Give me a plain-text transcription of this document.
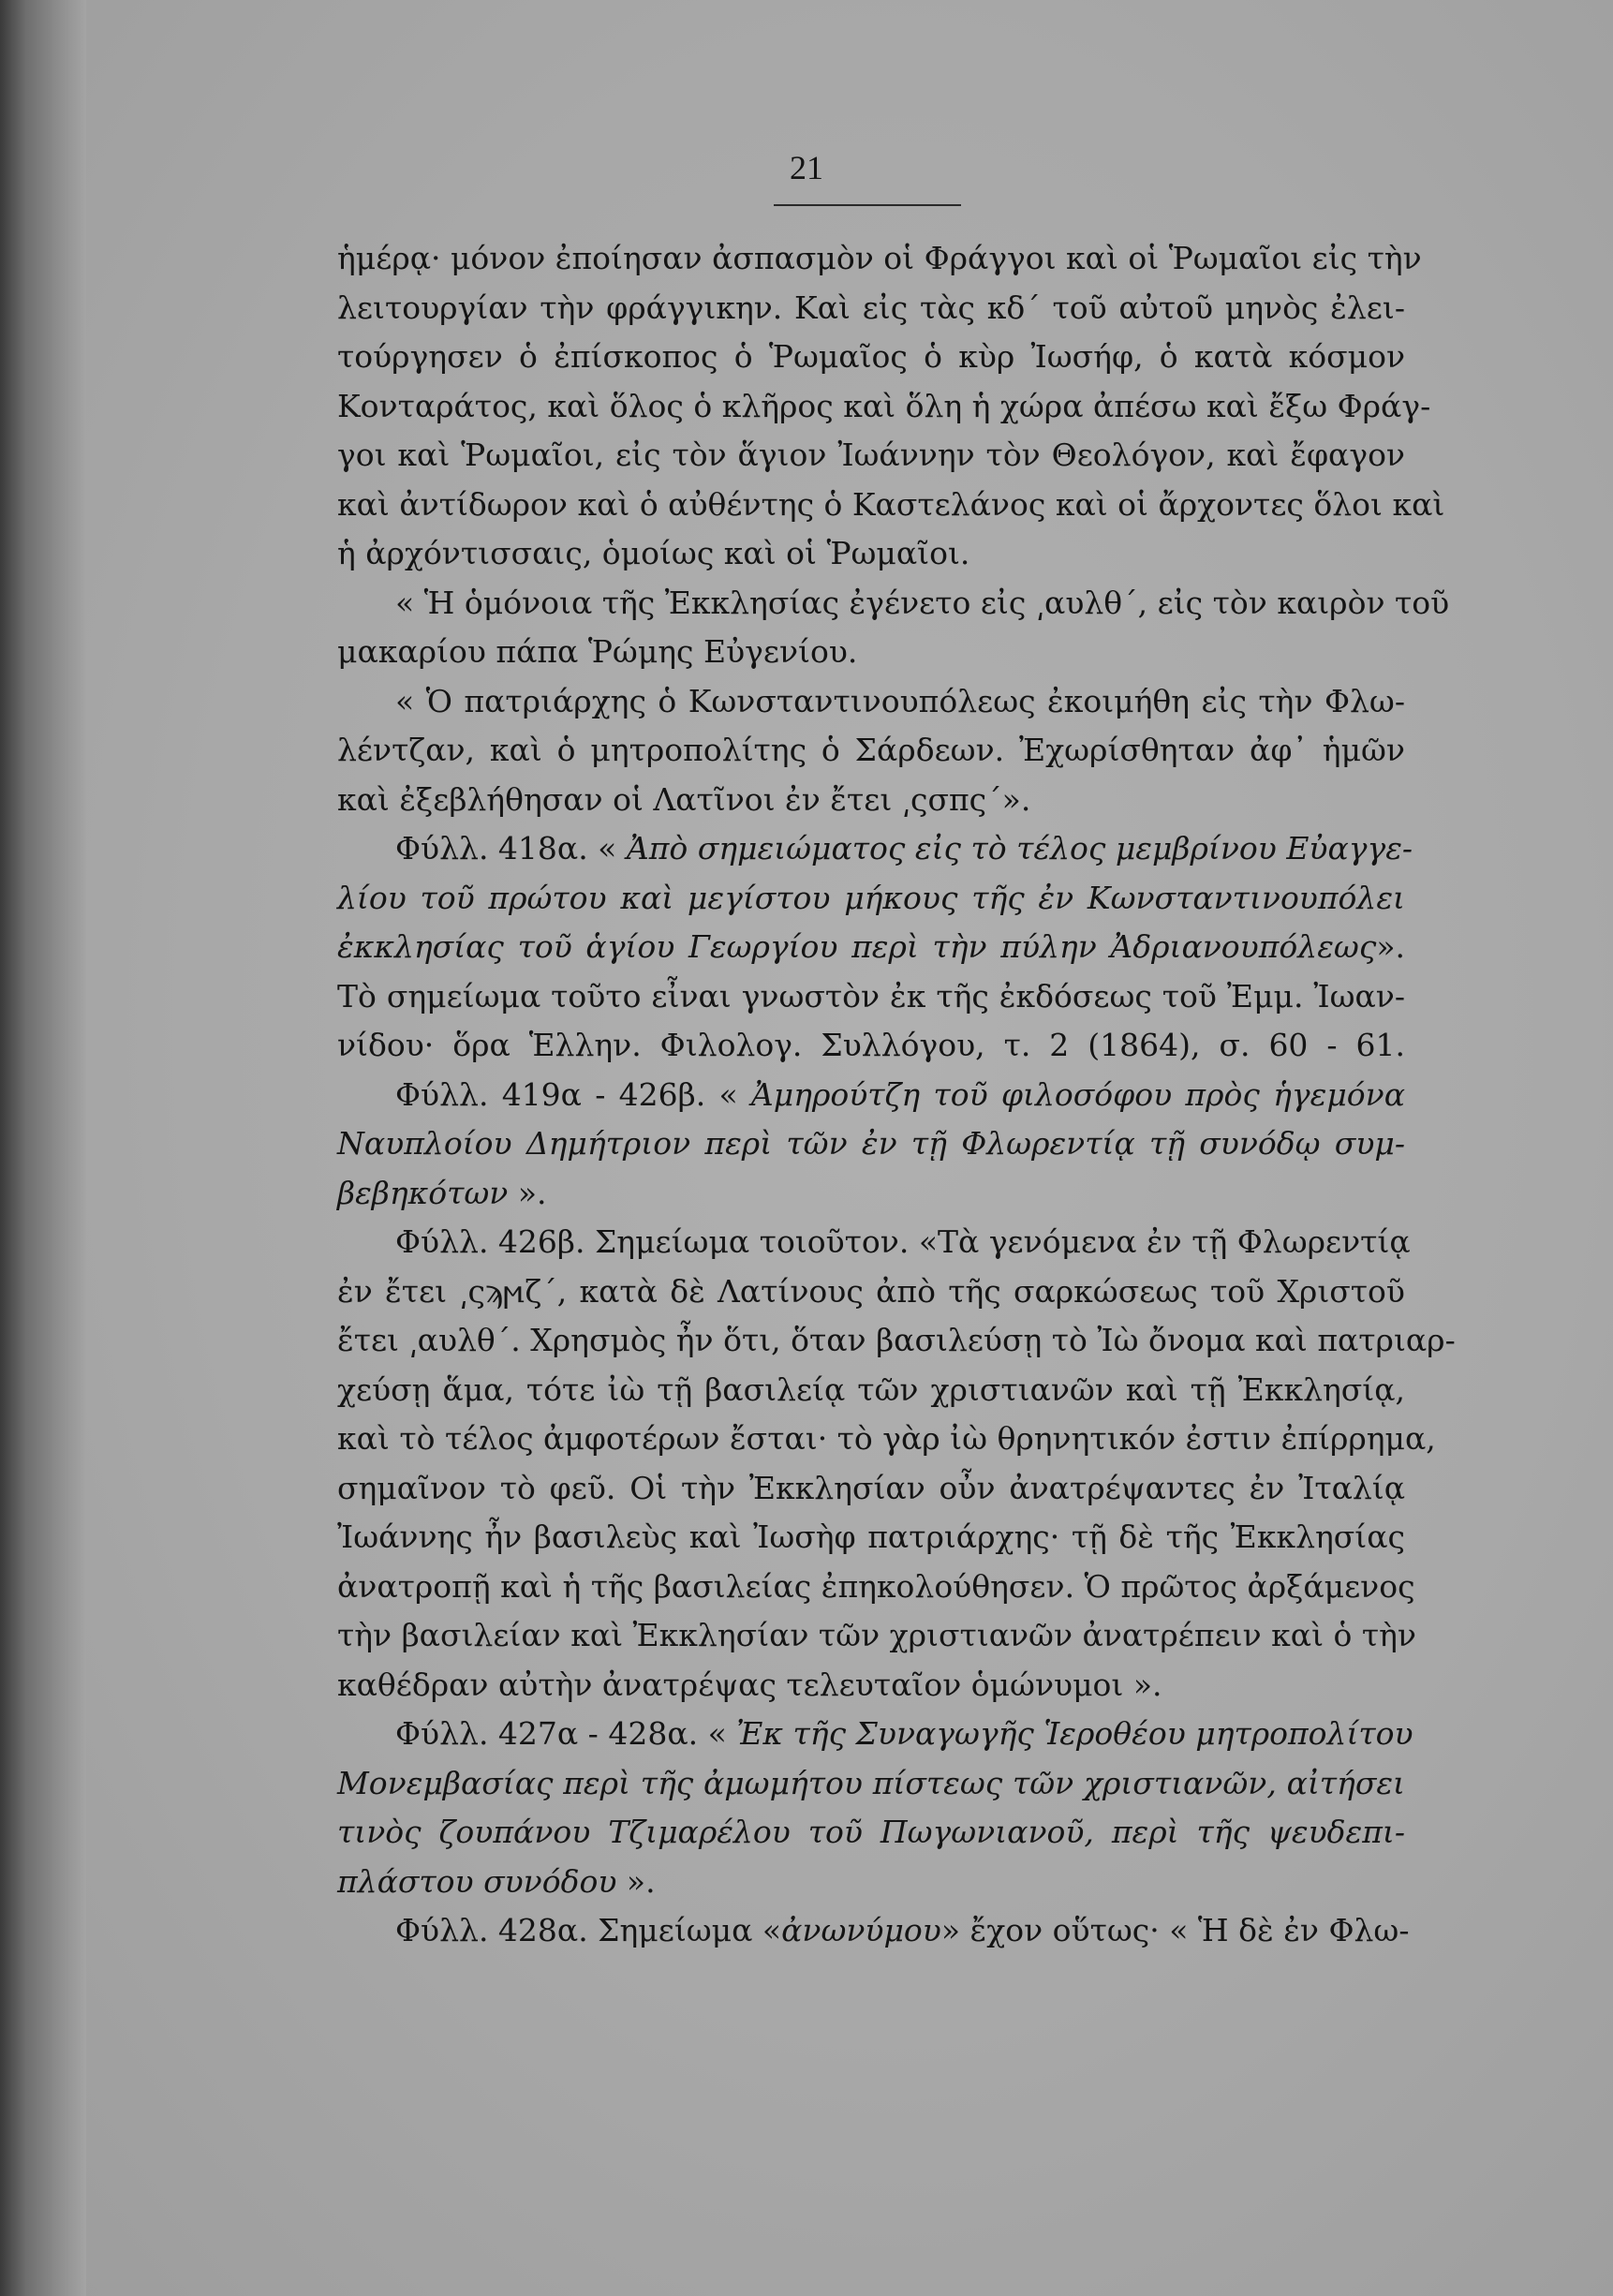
21
ἡμέρᾳ· μόνον ἐποίησαν ἀσπασμὸν οἱ Φράγγοι καὶ οἱ Ῥωμαῖοι εἰς τὴν
λειτουργίαν τὴν φράγγικην. Καὶ εἰς τὰς κδ΄ τοῦ αὐτοῦ μηνὸς ἐλει-
τούργησεν ὁ ἐπίσκοπος ὁ Ῥωμαῖος ὁ κὺρ Ἰωσήφ, ὁ κατὰ κόσμον
Κονταράτος, καὶ ὅλος ὁ κλῆρος καὶ ὅλη ἡ χώρα ἀπέσω καὶ ἔξω Φράγ-
γοι καὶ Ῥωμαῖοι, εἰς τὸν ἅγιον Ἰωάννην τὸν Θεολόγον, καὶ ἔφαγον
καὶ ἀντίδωρον καὶ ὁ αὐθέντης ὁ Καστελάνος καὶ οἱ ἄρχοντες ὅλοι καὶ
ἡ ἀρχόντισσαις, ὁμοίως καὶ οἱ Ῥωμαῖοι.
« Ἡ ὁμόνοια τῆς Ἐκκλησίας ἐγένετο εἰς ͵αυλθ΄, εἰς τὸν καιρὸν τοῦ
μακαρίου πάπα Ῥώμης Εὐγενίου.
« Ὁ πατριάρχης ὁ Κωνσταντινουπόλεως ἐκοιμήθη εἰς τὴν Φλω-
λέντζαν, καὶ ὁ μητροπολίτης ὁ Σάρδεων. Ἐχωρίσθηταν ἀφ᾿ ἡμῶν
καὶ ἐξεβλήθησαν οἱ Λατῖνοι ἐν ἔτει ͵ςσπς΄».
Φύλλ. 418α. « Ἀπὸ σημειώματος εἰς τὸ τέλος μεμβρίνου Εὐαγγε-
λίου τοῦ πρώτου καὶ μεγίστου μήκους τῆς ἐν Κωνσταντινουπόλει
ἐκκλησίας τοῦ ἁγίου Γεωργίου περὶ τὴν πύλην Ἀδριανουπόλεως».
Τὸ σημείωμα τοῦτο εἶναι γνωστὸν ἐκ τῆς ἐκδόσεως τοῦ Ἐμμ. Ἰωαν-
νίδου· ὅρα Ἑλλην. Φιλολογ. Συλλόγου, τ. 2 (1864), σ. 60 - 61.
Φύλλ. 419α - 426β. « Ἀμηρούτζη τοῦ φιλοσόφου πρὸς ἡγεμόνα
Ναυπλοίου Δημήτριον περὶ τῶν ἐν τῇ Φλωρεντίᾳ τῇ συνόδῳ συμ-
βεβηκότων ».
Φύλλ. 426β. Σημείωμα τοιοῦτον. «Τὰ γενόμενα ἐν τῇ Φλωρεντίᾳ
ἐν ἔτει ͵ςϡϻζ΄, κατὰ δὲ Λατίνους ἀπὸ τῆς σαρκώσεως τοῦ Χριστοῦ
ἔτει ͵αυλθ΄. Χρησμὸς ἦν ὅτι, ὅταν βασιλεύσῃ τὸ Ἰὼ ὄνομα καὶ πατριαρ-
χεύσῃ ἅμα, τότε ἰὼ τῇ βασιλείᾳ τῶν χριστιανῶν καὶ τῇ Ἐκκλησίᾳ,
καὶ τὸ τέλος ἀμφοτέρων ἔσται· τὸ γὰρ ἰὼ θρηνητικόν ἐστιν ἐπίρρημα,
σημαῖνον τὸ φεῦ. Οἱ τὴν Ἐκκλησίαν οὖν ἀνατρέψαντες ἐν Ἰταλίᾳ
Ἰωάννης ἦν βασιλεὺς καὶ Ἰωσὴφ πατριάρχης· τῇ δὲ τῆς Ἐκκλησίας
ἀνατροπῇ καὶ ἡ τῆς βασιλείας ἐπηκολούθησεν. Ὁ πρῶτος ἀρξάμενος
τὴν βασιλείαν καὶ Ἐκκλησίαν τῶν χριστιανῶν ἀνατρέπειν καὶ ὁ τὴν
καθέδραν αὐτὴν ἀνατρέψας τελευταῖον ὁμώνυμοι ».
Φύλλ. 427α - 428α. « Ἐκ τῆς Συναγωγῆς Ἱεροθέου μητροπολίτου
Μονεμβασίας περὶ τῆς ἀμωμήτου πίστεως τῶν χριστιανῶν, αἰτήσει
τινὸς ζουπάνου Τζιμαρέλου τοῦ Πωγωνιανοῦ, περὶ τῆς ψευδεπι-
πλάστου συνόδου ».
Φύλλ. 428α. Σημείωμα «ἀνωνύμου» ἔχον οὕτως· « Ἡ δὲ ἐν Φλω-
